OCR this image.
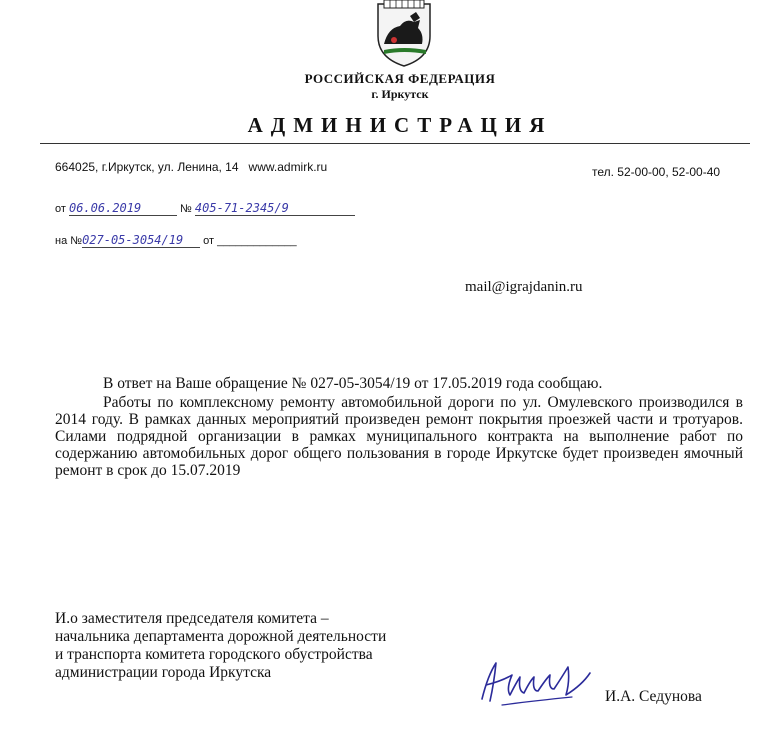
РОССИЙСКАЯ ФЕДЕРАЦИЯ
г. Иркутск
АДМИНИСТРАЦИЯ
664025, г.Иркутск, ул. Ленина, 14 www.admirk.ru	тел. 52-00-00, 52-00-40
от 06.06.2019	№ 405-71-2345/9
на №027-05-3054/19 от _____________
mail@igrajdanin.ru

В ответ на Ваше обращение № 027-05-3054/19 от 17.05.2019 года сообщаю.

Работы по комплексному ремонту автомобильной дороги по ул. Омулевского производился в 2014 году. В рамках данных мероприятий произведен ремонт покрытия проезжей части и тротуаров. Силами подрядной организации в рамках муниципального контракта на выполнение работ по содержанию автомобильных дорог общего пользования в городе Иркутске будет произведен ямочный ремонт в срок до 15.07.2019

И.о заместителя председателя комитета –
начальника департамента дорожной деятельности
и транспорта комитета городского обустройства
администрации города Иркутска
И.А. Седунова
